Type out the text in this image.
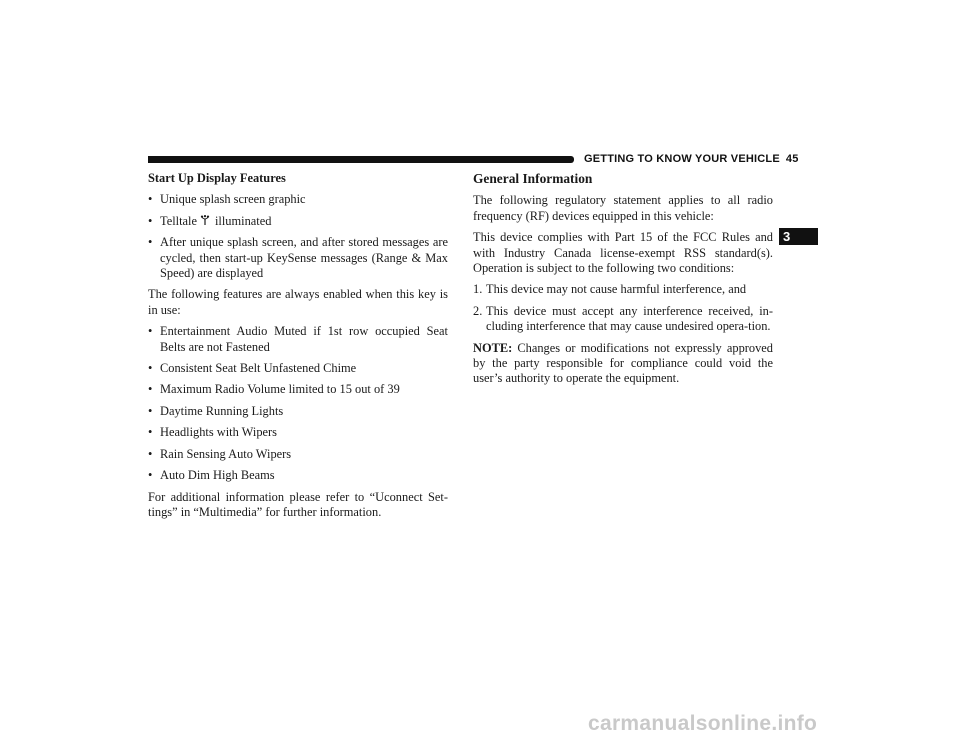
GETTING TO KNOW YOUR VEHICLE 45
3
Start Up Display Features
• Unique splash screen graphic
• Telltale illuminated
• After unique splash screen, and after stored messages are cycled, then start-up KeySense messages (Range & Max Speed) are displayed

The following features are always enabled when this key is in use:

• Entertainment Audio Muted if 1st row occupied Seat Belts are not Fastened
• Consistent Seat Belt Unfastened Chime
• Maximum Radio Volume limited to 15 out of 39
• Daytime Running Lights
• Headlights with Wipers
• Rain Sensing Auto Wipers
• Auto Dim High Beams

For additional information please refer to “Uconnect Set-tings” in “Multimedia” for further information.

General Information

The following regulatory statement applies to all radio frequency (RF) devices equipped in this vehicle:

This device complies with Part 15 of the FCC Rules and with Industry Canada license-exempt RSS standard(s). Operation is subject to the following two conditions:

1. This device may not cause harmful interference, and
2. This device must accept any interference received, in-cluding interference that may cause undesired opera-tion.

NOTE: Changes or modifications not expressly approved by the party responsible for compliance could void the user’s authority to operate the equipment.

carmanualsonline.info
